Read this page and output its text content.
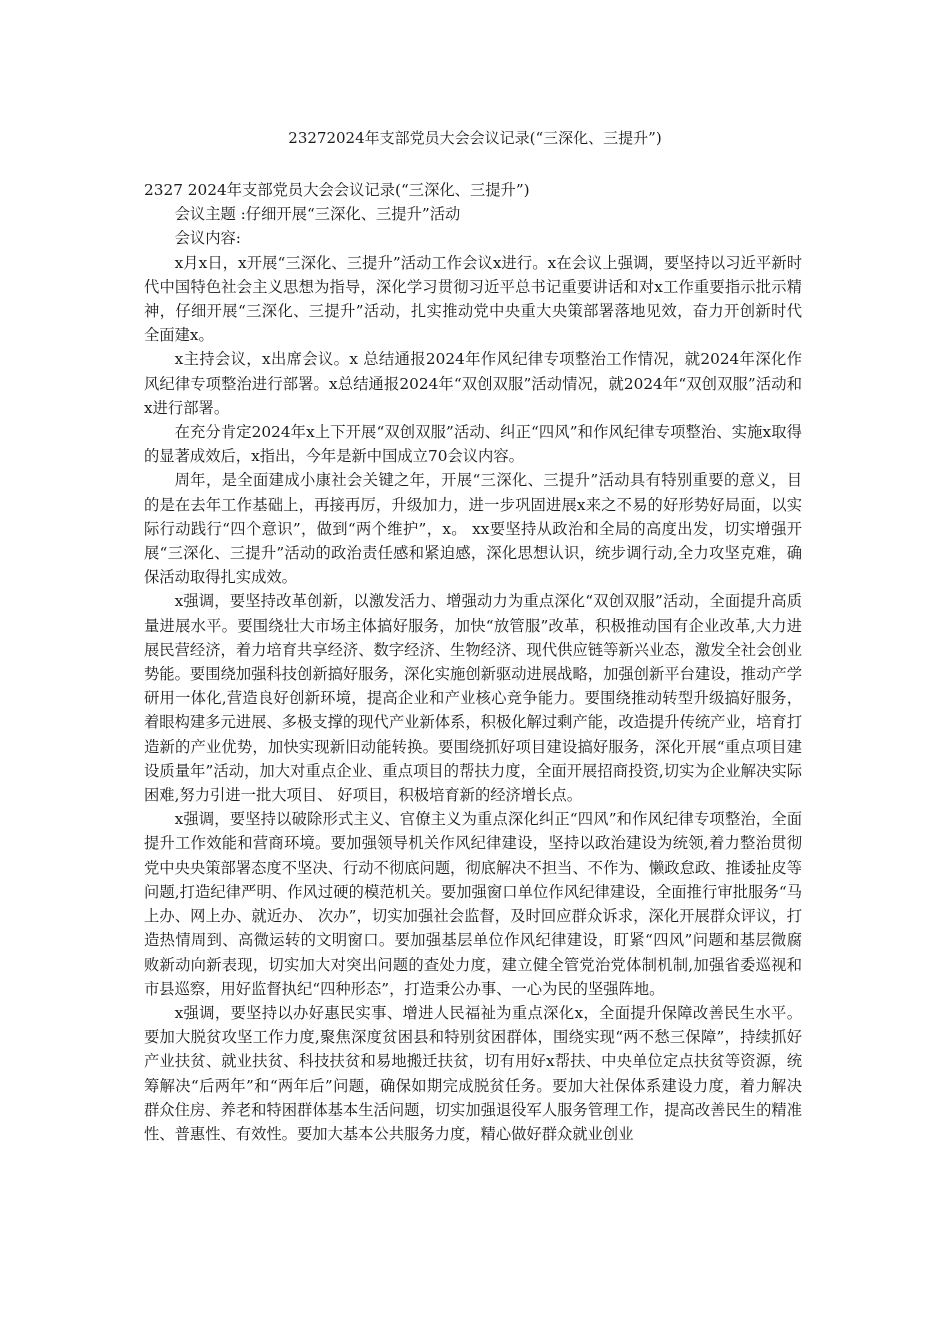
23272024年支部党员大会会议记录(“三深化、三提升”)

2327 2024年支部党员大会会议记录(“三深化、三提升”)

会议主题 :仔细开展“三深化、三提升”活动

会议内容:

x月x日，x开展“三深化、三提升”活动工作会议x进行。x在会议上强调，要坚持以习近平新时代中国特色社会主义思想为指导，深化学习贯彻习近平总书记重要讲话和对x工作重要指示批示精神，仔细开展“三深化、三提升”活动，扎实推动党中央重大央策部署落地见效，奋力开创新时代全面建x。

x主持会议，x出席会议。x 总结通报2024年作风纪律专项整治工作情况，就2024年深化作风纪律专项整治进行部署。x总结通报2024年“双创双服”活动情况，就2024年“双创双服”活动和x进行部署。

在充分肯定2024年x上下开展“双创双服”活动、纠正“四风”和作风纪律专项整治、实施x取得的显著成效后，x指出，今年是新中国成立70会议内容。

周年，是全面建成小康社会关键之年，开展“三深化、三提升”活动具有特别重要的意义，目的是在去年工作基础上，再接再厉，升级加力，进一步巩固进展x来之不易的好形势好局面，以实际行动践行“四个意识”，做到“两个维护”，x。 xx要坚持从政治和全局的高度出发，切实增强开展“三深化、三提升”活动的政治责任感和紧迫感，深化思想认识，统步调行动,全力攻坚克难，确保活动取得扎实成效。

x强调，要坚持改革创新，以激发活力、增强动力为重点深化“双创双服”活动，全面提升高质量进展水平。要围绕壮大市场主体搞好服务，加快“放管服”改革，积极推动国有企业改革,大力进展民营经济，着力培育共享经济、数字经济、生物经济、现代供应链等新兴业态，激发全社会创业势能。要围绕加强科技创新搞好服务，深化实施创新驱动进展战略，加强创新平台建设，推动产学研用一体化,营造良好创新环境，提高企业和产业核心竞争能力。要围绕推动转型升级搞好服务，着眼构建多元进展、多极支撑的现代产业新体系，积极化解过剩产能，改造提升传统产业，培育打造新的产业优势，加快实现新旧动能转换。要围绕抓好项目建设搞好服务，深化开展“重点项目建设质量年”活动，加大对重点企业、重点项目的帮扶力度，全面开展招商投资,切实为企业解决实际困难,努力引进一批大项目、 好项目，积极培育新的经济增长点。

x强调，要坚持以破除形式主义、官僚主义为重点深化纠正“四风”和作风纪律专项整治，全面提升工作效能和营商环境。要加强领导机关作风纪律建设，坚持以政治建设为统领,着力整治贯彻党中央央策部署态度不坚决、行动不彻底问题，彻底解决不担当、不作为、懒政怠政、推诿扯皮等问题,打造纪律严明、作风过硬的模范机关。要加强窗口单位作风纪律建设，全面推行审批服务“马上办、网上办、就近办、 次办”，切实加强社会监督，及时回应群众诉求，深化开展群众评议，打造热情周到、高微运转的文明窗口。要加强基层单位作风纪律建设，盯紧“四风”问题和基层微腐败新动向新表现，切实加大对突出问题的查处力度，建立健全管党治党体制机制,加强省委巡视和市县巡察，用好监督执纪“四种形态”，打造秉公办事、一心为民的坚强阵地。

x强调，要坚持以办好惠民实事、增进人民福祉为重点深化x，全面提升保障改善民生水平。要加大脱贫攻坚工作力度,聚焦深度贫困县和特别贫困群体，围绕实现“两不愁三保障”，持续抓好产业扶贫、就业扶贫、科技扶贫和易地搬迁扶贫，切有用好x帮扶、中央单位定点扶贫等资源，统筹解决“后两年”和“两年后”问题，确保如期完成脱贫任务。要加大社保体系建设力度，着力解决群众住房、养老和特困群体基本生活问题，切实加强退役军人服务管理工作，提高改善民生的精准性、普惠性、有效性。要加大基本公共服务力度，精心做好群众就业创业
